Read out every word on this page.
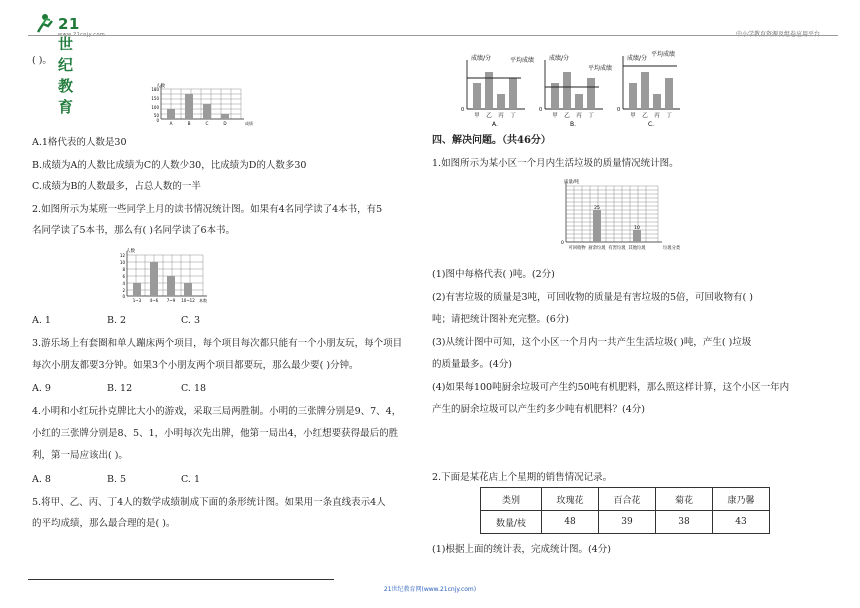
21世纪教育
www.21cnjy.com	中小学教育资源及组卷应用平台
( )。
人数
180
150
100
50
0
A	B	C	D	成绩
A.1格代表的人数是30
B.成绩为A的人数比成绩为C的人数少30，比成绩为D的人数多30
C.成绩为B的人数最多，占总人数的一半
2.如图所示为某班一些同学上月的读书情况统计图。如果有4名同学读了4本书，有5
名同学读了5本书，那么有( )名同学读了6本书。
人数
12
10
8
6
4
2
0
1~3 4~6 7~9 10~12 本数
A. 1	B. 2	C. 3
3.游乐场上有套圈和单人蹦床两个项目，每个项目每次都只能有一个小朋友玩，每个项目
每次小朋友都要3分钟。如果3个小朋友两个项目都要玩，那么最少要( )分钟。
A. 9	B. 12	C. 18
4.小明和小红玩扑克牌比大小的游戏，采取三局两胜制。小明的三张牌分别是9、7、4，
小红的三张牌分别是8、5、1，小明每次先出牌，他第一局出4，小红想要获得最后的胜
利，第一局应该出( )。
A. 8	B. 5	C. 1
5.将甲、乙、丙、丁4人的数学成绩制成下面的条形统计图。如果用一条直线表示4人
的平均成绩，那么最合理的是( )。
成绩/分	平均成绩
0
甲 乙 丙 丁
A.
成绩/分
平均成绩
0
甲 乙 丙 丁
B.
成绩/分
平均成绩
0
甲 乙 丙 丁
C.
四、解决问题。（共46分）
1.如图所示为某小区一个月内生活垃圾的质量情况统计图。
质量/吨
0
25
10
可回收物 厨余垃圾 有害垃圾 其他垃圾	垃圾分类
(1)图中每格代表( )吨。(2分)
(2)有害垃圾的质量是3吨，可回收物的质量是有害垃圾的5倍，可回收物有( )
吨；请把统计图补充完整。(6分)
(3)从统计图中可知，这个小区一个月内一共产生生活垃圾( )吨，产生( )垃圾
的质量最多。(4分)
(4)如果每100吨厨余垃圾可产生约50吨有机肥料，那么照这样计算，这个小区一年内
产生的厨余垃圾可以产生约多少吨有机肥料？(4分)
2.下面是某花店上个星期的销售情况记录。
类别	玫瑰花	百合花	菊花	康乃馨
数量/枝	48	39	38	43
(1)根据上面的统计表，完成统计图。(4分)
21世纪教育网(www.21cnjy.com)
